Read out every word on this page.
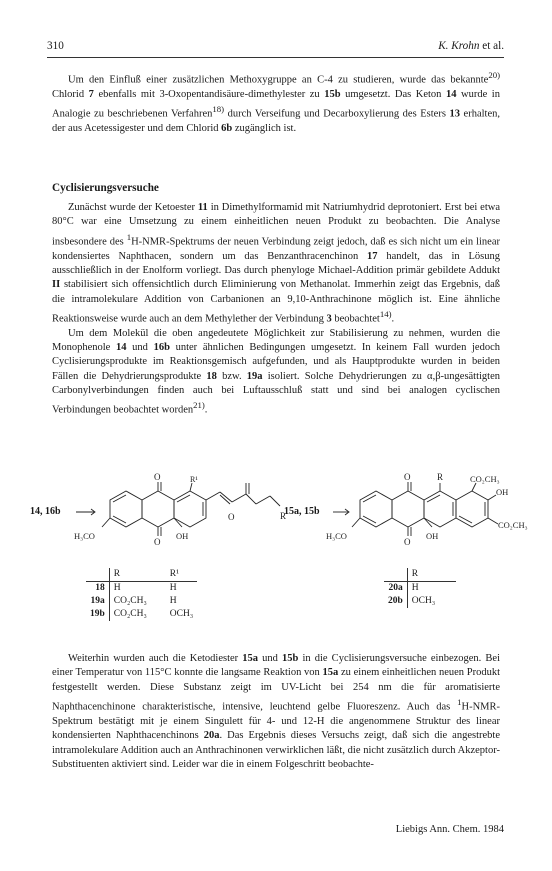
310	K. Krohn et al.

Um den Einfluß einer zusätzlichen Methoxygruppe an C-4 zu studieren, wurde das bekannte$^{20)}$ Chlorid 7 ebenfalls mit 3-Oxopentandisäure-dimethylester zu 15b umgesetzt. Das Keton 14 wurde in Analogie zu beschriebenen Verfahren$^{18)}$ durch Verseifung und Decarboxylierung des Esters 13 erhalten, der aus Acetessigester und dem Chlorid 6b zugänglich ist.

Cyclisierungsversuche

Zunächst wurde der Ketoester 11 in Dimethylformamid mit Natriumhydrid deprotoniert. Erst bei etwa 80°C war eine Umsetzung zu einem einheitlichen neuen Produkt zu beobachten. Die Analyse insbesondere des $^1$H-NMR-Spektrums der neuen Verbindung zeigt jedoch, daß es sich nicht um ein linear kondensiertes Naphthacen, sondern um das Benzanthracenchinon 17 handelt, das in Lösung ausschließlich in der Enolform vorliegt. Das durch phenyloge Michael-Addition primär gebildete Addukt II stabilisiert sich offensichtlich durch Eliminierung von Methanolat. Immerhin zeigt das Ergebnis, daß die intramolekulare Addition von Carbanionen an 9,10-Anthrachinone möglich ist. Eine ähnliche Reaktionsweise wurde auch an dem Methylether der Verbindung 3 beobachtet$^{14)}$.

Um dem Molekül die oben angedeutete Möglichkeit zur Stabilisierung zu nehmen, wurden die Monophenole 14 und 16b unter ähnlichen Bedingungen umgesetzt. In keinem Fall wurden jedoch Cyclisierungsprodukte im Reaktionsgemisch aufgefunden, und als Hauptprodukte wurden in beiden Fällen die Dehydrierungsprodukte 18 bzw. 19a isoliert. Solche Dehydrierungen zu α,β-ungesättigten Carbonylverbindungen finden auch bei Luftausschluß statt und sind bei analogen cyclischen Verbindungen beobachtet worden$^{21)}$.

O	R¹
R
H₃CO
O
OH
O
O	R	CO₂CH₃
OH
CO₂CH₃
H₃CO
O
OH
14, 16b	15a, 15b
	R	R¹
18	H	H
19a	CO₂CH₃	H
19b	CO₂CH₃	OCH₃
	R
20a	H
20b	OCH₃

Weiterhin wurden auch die Ketodiester 15a und 15b in die Cyclisierungsversuche einbezogen. Bei einer Temperatur von 115°C konnte die langsame Reaktion von 15a zu einem einheitlichen neuen Produkt festgestellt werden. Diese Substanz zeigt im UV-Licht bei 254 nm die für aromatisierte Naphthacenchinone charakteristische, intensive, leuchtend gelbe Fluoreszenz. Auch das $^1$H-NMR-Spektrum bestätigt mit je einem Singulett für 4- und 12-H die angenommene Struktur des linear kondensierten Naphthacenchinons 20a. Das Ergebnis dieses Versuchs zeigt, daß sich die angestrebte intramolekulare Addition auch an Anthrachinonen verwirklichen läßt, die nicht zusätzlich durch Akzeptor-Substituenten aktiviert sind. Leider war die in einem Folgeschritt beobachte-

Liebigs Ann. Chem. 1984
